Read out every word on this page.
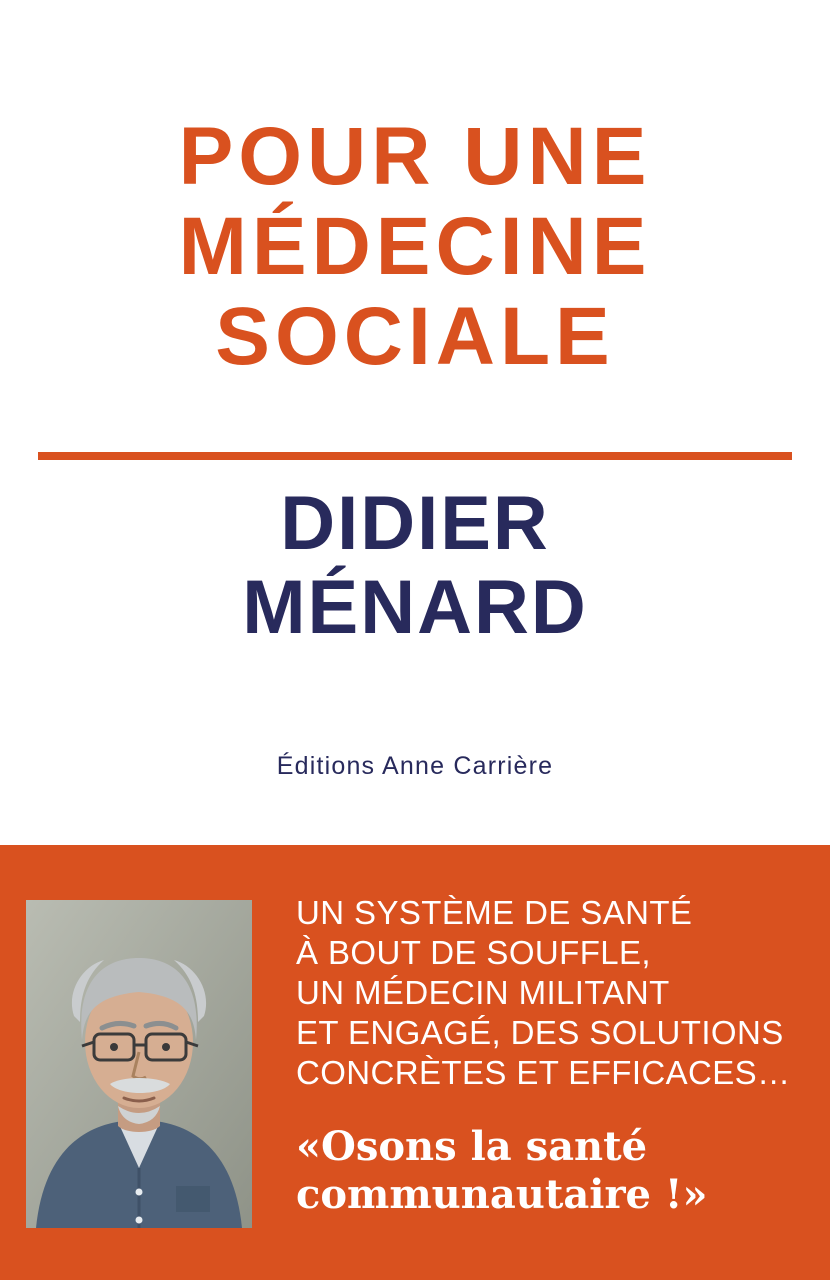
POUR UNE
MÉDECINE
SOCIALE
DIDIER
MÉNARD
Éditions Anne Carrière
UN SYSTÈME DE SANTÉ
À BOUT DE SOUFFLE,
UN MÉDECIN MILITANT
ET ENGAGÉ, DES SOLUTIONS
CONCRÈTES ET EFFICACES…
«Osons la santé
communautaire !»
